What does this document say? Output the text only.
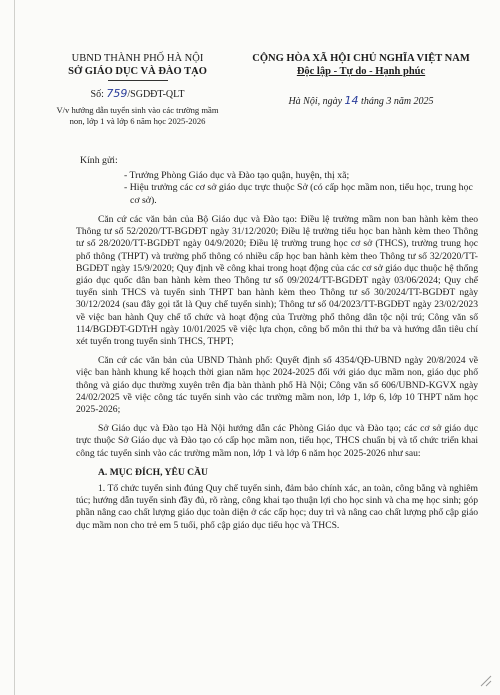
UBND THÀNH PHỐ HÀ NỘI
SỞ GIÁO DỤC VÀ ĐÀO TẠO
Số: 759/SGDĐT-QLT
V/v hướng dẫn tuyển sinh vào các trường mầm non, lớp 1 và lớp 6 năm học 2025-2026
CỘNG HÒA XÃ HỘI CHỦ NGHĨA VIỆT NAM
Độc lập - Tự do - Hạnh phúc
Hà Nội, ngày 14 tháng 3 năm 2025
Kính gửi:
- Trưởng Phòng Giáo dục và Đào tạo quận, huyện, thị xã;
- Hiệu trưởng các cơ sở giáo dục trực thuộc Sở (có cấp học mầm non, tiểu học, trung học cơ sở).

Căn cứ các văn bản của Bộ Giáo dục và Đào tạo: Điều lệ trường mầm non ban hành kèm theo Thông tư số 52/2020/TT-BGDĐT ngày 31/12/2020; Điều lệ trường tiểu học ban hành kèm theo Thông tư số 28/2020/TT-BGDĐT ngày 04/9/2020; Điều lệ trường trung học cơ sở (THCS), trường trung học phổ thông (THPT) và trường phổ thông có nhiều cấp học ban hành kèm theo Thông tư số 32/2020/TT-BGDĐT ngày 15/9/2020; Quy định về công khai trong hoạt động của các cơ sở giáo dục thuộc hệ thống giáo dục quốc dân ban hành kèm theo Thông tư số 09/2024/TT-BGDĐT ngày 03/06/2024; Quy chế tuyển sinh THCS và tuyển sinh THPT ban hành kèm theo Thông tư số 30/2024/TT-BGDĐT ngày 30/12/2024 (sau đây gọi tắt là Quy chế tuyển sinh); Thông tư số 04/2023/TT-BGDĐT ngày 23/02/2023 về việc ban hành Quy chế tổ chức và hoạt động của Trường phổ thông dân tộc nội trú; Công văn số 114/BGDĐT-GDTrH ngày 10/01/2025 về việc lựa chọn, công bố môn thi thứ ba và hướng dẫn tiêu chí xét tuyển trong tuyển sinh THCS, THPT;

Căn cứ các văn bản của UBND Thành phố: Quyết định số 4354/QĐ-UBND ngày 20/8/2024 về việc ban hành khung kế hoạch thời gian năm học 2024-2025 đối với giáo dục mầm non, giáo dục phổ thông và giáo dục thường xuyên trên địa bàn thành phố Hà Nội; Công văn số 606/UBND-KGVX ngày 24/02/2025 về việc công tác tuyển sinh vào các trường mầm non, lớp 1, lớp 6, lớp 10 THPT năm học 2025-2026;

Sở Giáo dục và Đào tạo Hà Nội hướng dẫn các Phòng Giáo dục và Đào tạo; các cơ sở giáo dục trực thuộc Sở Giáo dục và Đào tạo có cấp học mầm non, tiểu học, THCS chuẩn bị và tổ chức triển khai công tác tuyển sinh vào các trường mầm non, lớp 1 và lớp 6 năm học 2025-2026 như sau:

A. MỤC ĐÍCH, YÊU CẦU

1. Tổ chức tuyển sinh đúng Quy chế tuyển sinh, đảm bảo chính xác, an toàn, công bằng và nghiêm túc; hướng dẫn tuyển sinh đầy đủ, rõ ràng, công khai tạo thuận lợi cho học sinh và cha mẹ học sinh; góp phần nâng cao chất lượng giáo dục toàn diện ở các cấp học; duy trì và nâng cao chất lượng phổ cập giáo dục mầm non cho trẻ em 5 tuổi, phổ cập giáo dục tiểu học và THCS.
